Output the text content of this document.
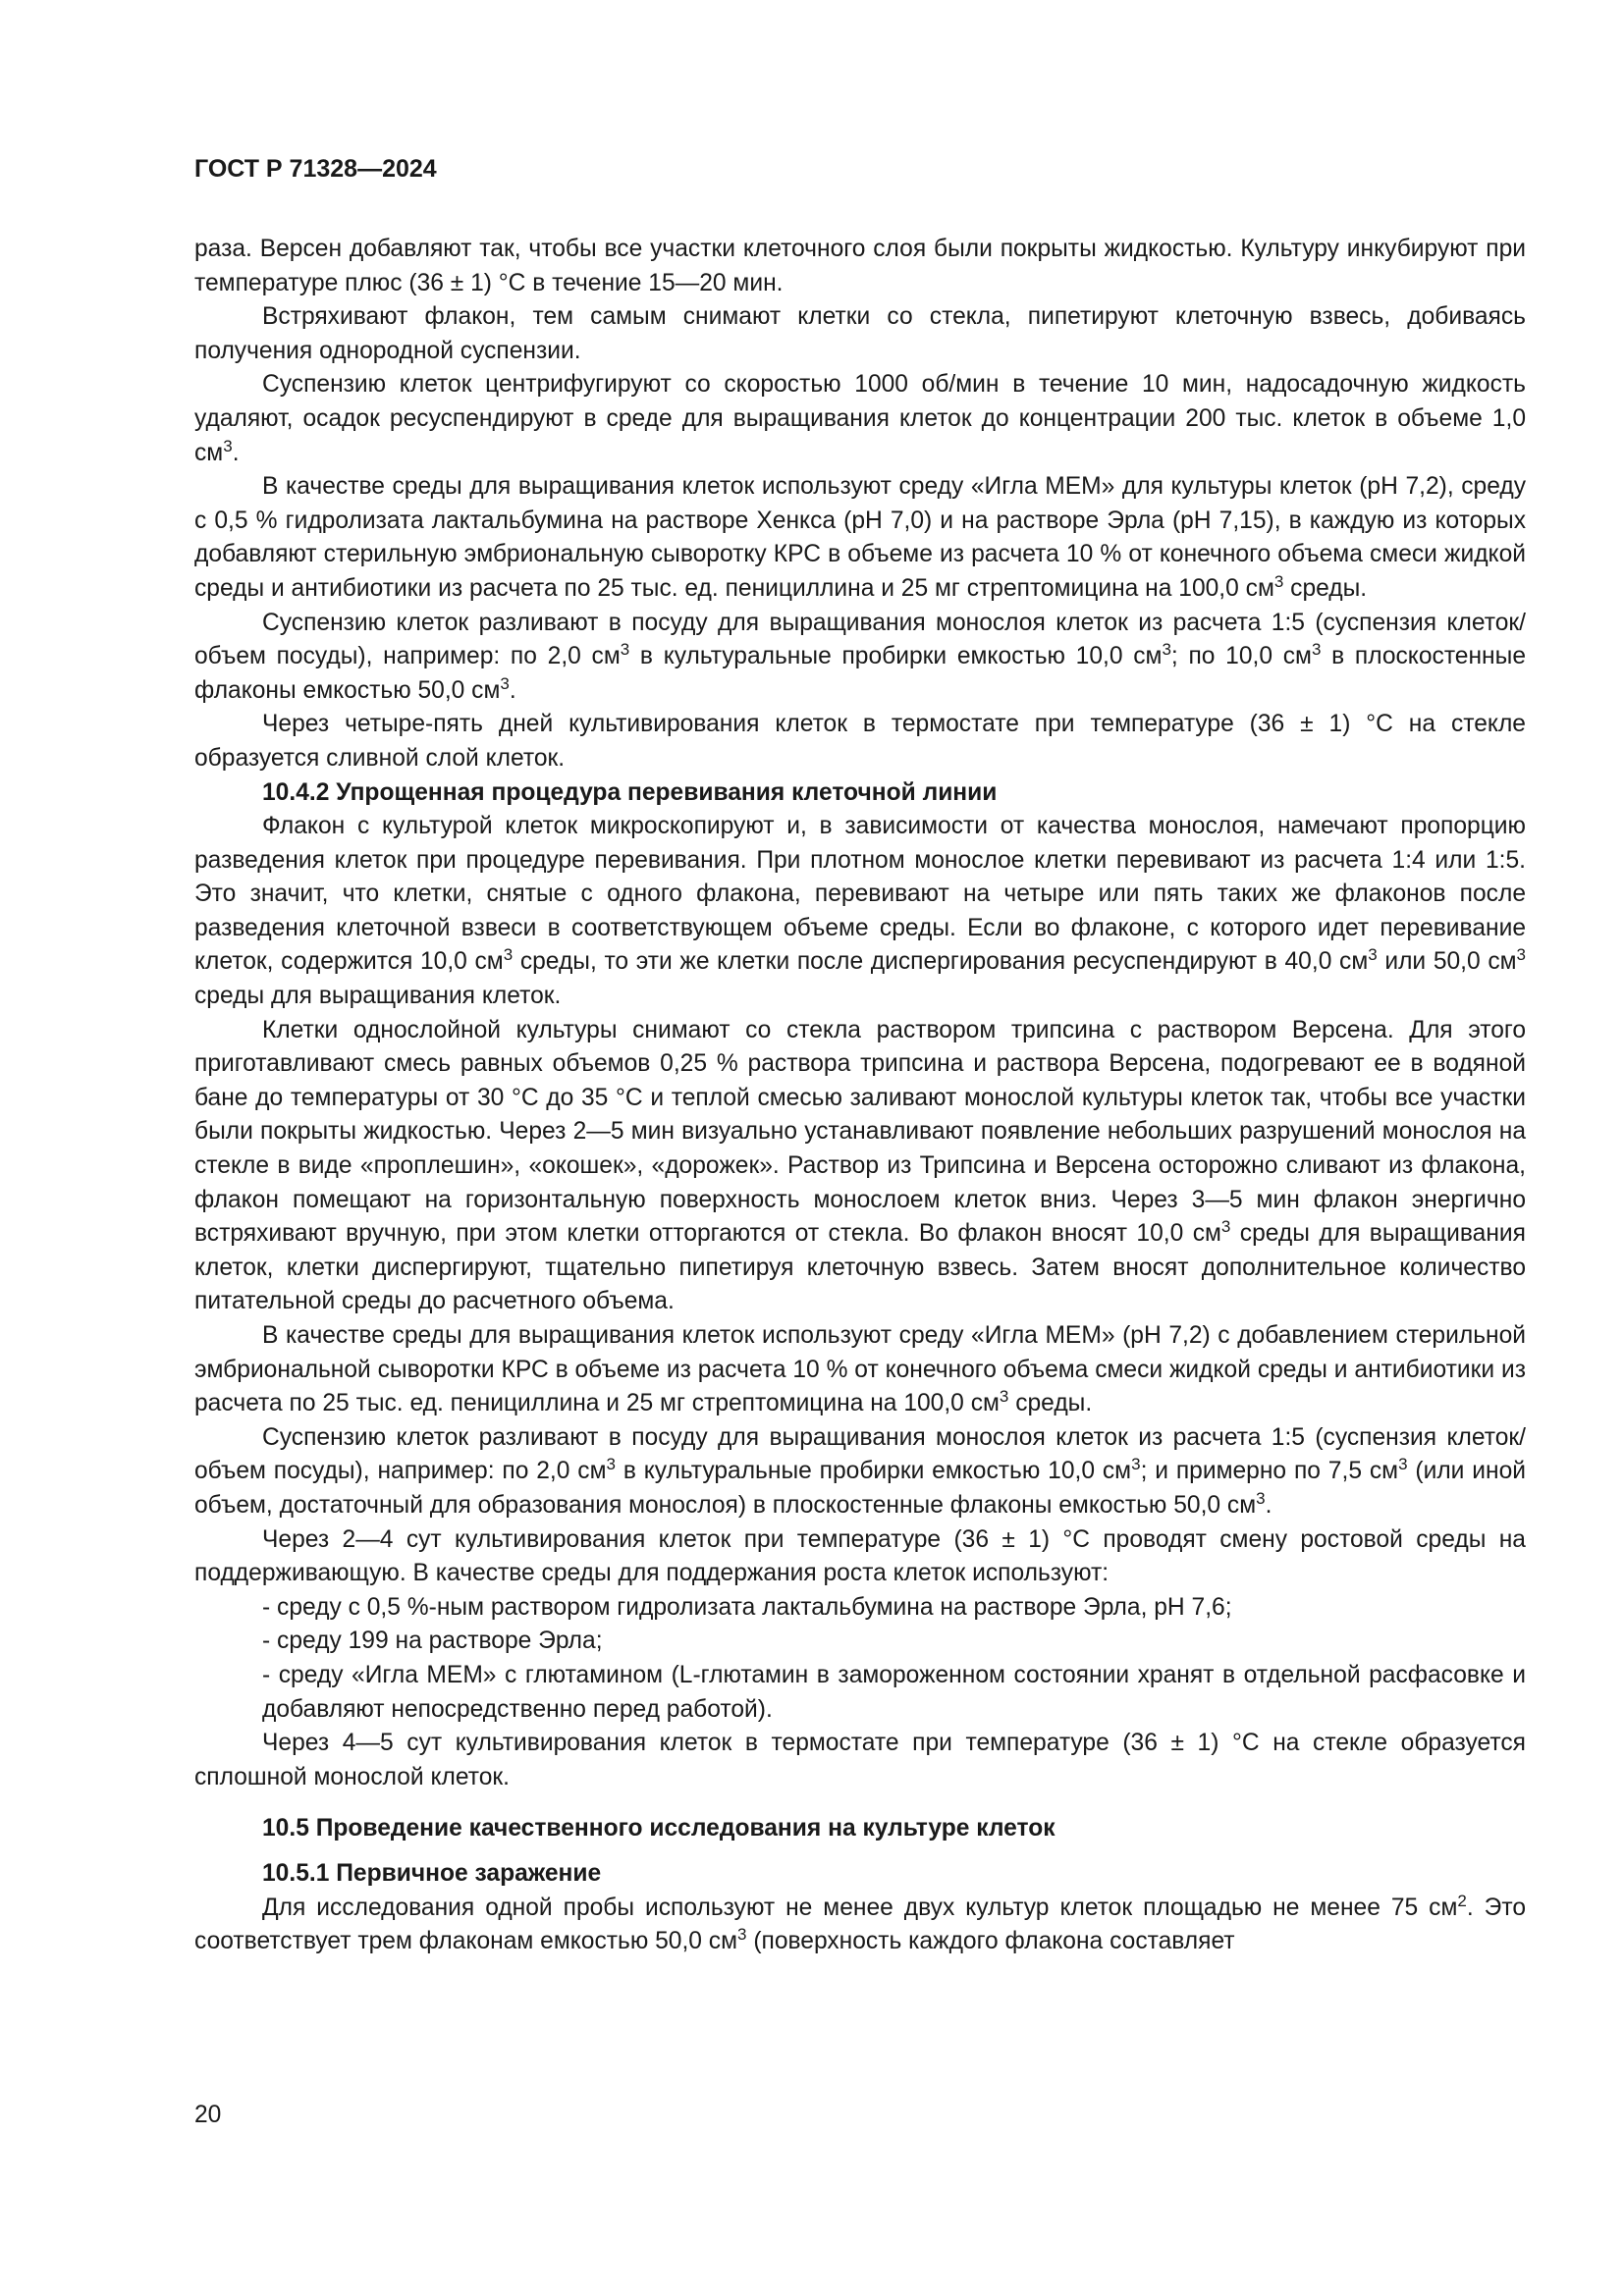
ГОСТ Р 71328—2024

раза. Версен добавляют так, чтобы все участки клеточного слоя были покрыты жидкостью. Культуру инкубируют при температуре плюс (36 ± 1) °С в течение 15—20 мин.

Встряхивают флакон, тем самым снимают клетки со стекла, пипетируют клеточную взвесь, добиваясь получения однородной суспензии.

Суспензию клеток центрифугируют со скоростью 1000 об/мин в течение 10 мин, надосадочную жидкость удаляют, осадок ресуспендируют в среде для выращивания клеток до концентрации 200 тыс. клеток в объеме 1,0 $см^3$.

В качестве среды для выращивания клеток используют среду «Игла МЕМ» для культуры клеток (рН 7,2), среду с 0,5 % гидролизата лактальбумина на растворе Хенкса (рН 7,0) и на растворе Эрла (рН 7,15), в каждую из которых добавляют стерильную эмбриональную сыворотку КРС в объеме из расчета 10 % от конечного объема смеси жидкой среды и антибиотики из расчета по 25 тыс. ед. пенициллина и 25 мг стрептомицина на 100,0 $см^3$ среды.

Суспензию клеток разливают в посуду для выращивания монослоя клеток из расчета 1:5 (суспензия клеток/объем посуды), например: по 2,0 $см^3$ в культуральные пробирки емкостью 10,0 $см^3$; по 10,0 $см^3$ в плоскостенные флаконы емкостью 50,0 $см^3$.

Через четыре-пять дней культивирования клеток в термостате при температуре (36 ± 1) °С на стекле образуется сливной слой клеток.

10.4.2 Упрощенная процедура перевивания клеточной линии

Флакон с культурой клеток микроскопируют и, в зависимости от качества монослоя, намечают пропорцию разведения клеток при процедуре перевивания. При плотном монослое клетки перевивают из расчета 1:4 или 1:5. Это значит, что клетки, снятые с одного флакона, перевивают на четыре или пять таких же флаконов после разведения клеточной взвеси в соответствующем объеме среды. Если во флаконе, с которого идет перевивание клеток, содержится 10,0 $см^3$ среды, то эти же клетки после диспергирования ресуспендируют в 40,0 $см^3$ или 50,0 $см^3$ среды для выращивания клеток.

Клетки однослойной культуры снимают со стекла раствором трипсина с раствором Версена. Для этого приготавливают смесь равных объемов 0,25 % раствора трипсина и раствора Версена, подогревают ее в водяной бане до температуры от 30 °С до 35 °С и теплой смесью заливают монослой культуры клеток так, чтобы все участки были покрыты жидкостью. Через 2—5 мин визуально устанавливают появление небольших разрушений монослоя на стекле в виде «проплешин», «окошек», «дорожек». Раствор из Трипсина и Версена осторожно сливают из флакона, флакон помещают на горизонтальную поверхность монослоем клеток вниз. Через 3—5 мин флакон энергично встряхивают вручную, при этом клетки отторгаются от стекла. Во флакон вносят 10,0 $см^3$ среды для выращивания клеток, клетки диспергируют, тщательно пипетируя клеточную взвесь. Затем вносят дополнительное количество питательной среды до расчетного объема.

В качестве среды для выращивания клеток используют среду «Игла МЕМ» (рН 7,2) с добавлением стерильной эмбриональной сыворотки КРС в объеме из расчета 10 % от конечного объема смеси жидкой среды и антибиотики из расчета по 25 тыс. ед. пенициллина и 25 мг стрептомицина на 100,0 $см^3$ среды.

Суспензию клеток разливают в посуду для выращивания монослоя клеток из расчета 1:5 (суспензия клеток/объем посуды), например: по 2,0 $см^3$ в культуральные пробирки емкостью 10,0 $см^3$; и примерно по 7,5 $см^3$ (или иной объем, достаточный для образования монослоя) в плоскостенные флаконы емкостью 50,0 $см^3$.

Через 2—4 сут культивирования клеток при температуре (36 ± 1) °С проводят смену ростовой среды на поддерживающую. В качестве среды для поддержания роста клеток используют:

- среду с 0,5 %-ным раствором гидролизата лактальбумина на растворе Эрла, рН 7,6;

- среду 199 на растворе Эрла;

- среду «Игла МЕМ» с глютамином (L-глютамин в замороженном состоянии хранят в отдельной расфасовке и добавляют непосредственно перед работой).

Через 4—5 сут культивирования клеток в термостате при температуре (36 ± 1) °С на стекле образуется сплошной монослой клеток.

10.5 Проведение качественного исследования на культуре клеток

10.5.1 Первичное заражение

Для исследования одной пробы используют не менее двух культур клеток площадью не менее 75 $см^2$. Это соответствует трем флаконам емкостью 50,0 $см^3$ (поверхность каждого флакона составляет

20
